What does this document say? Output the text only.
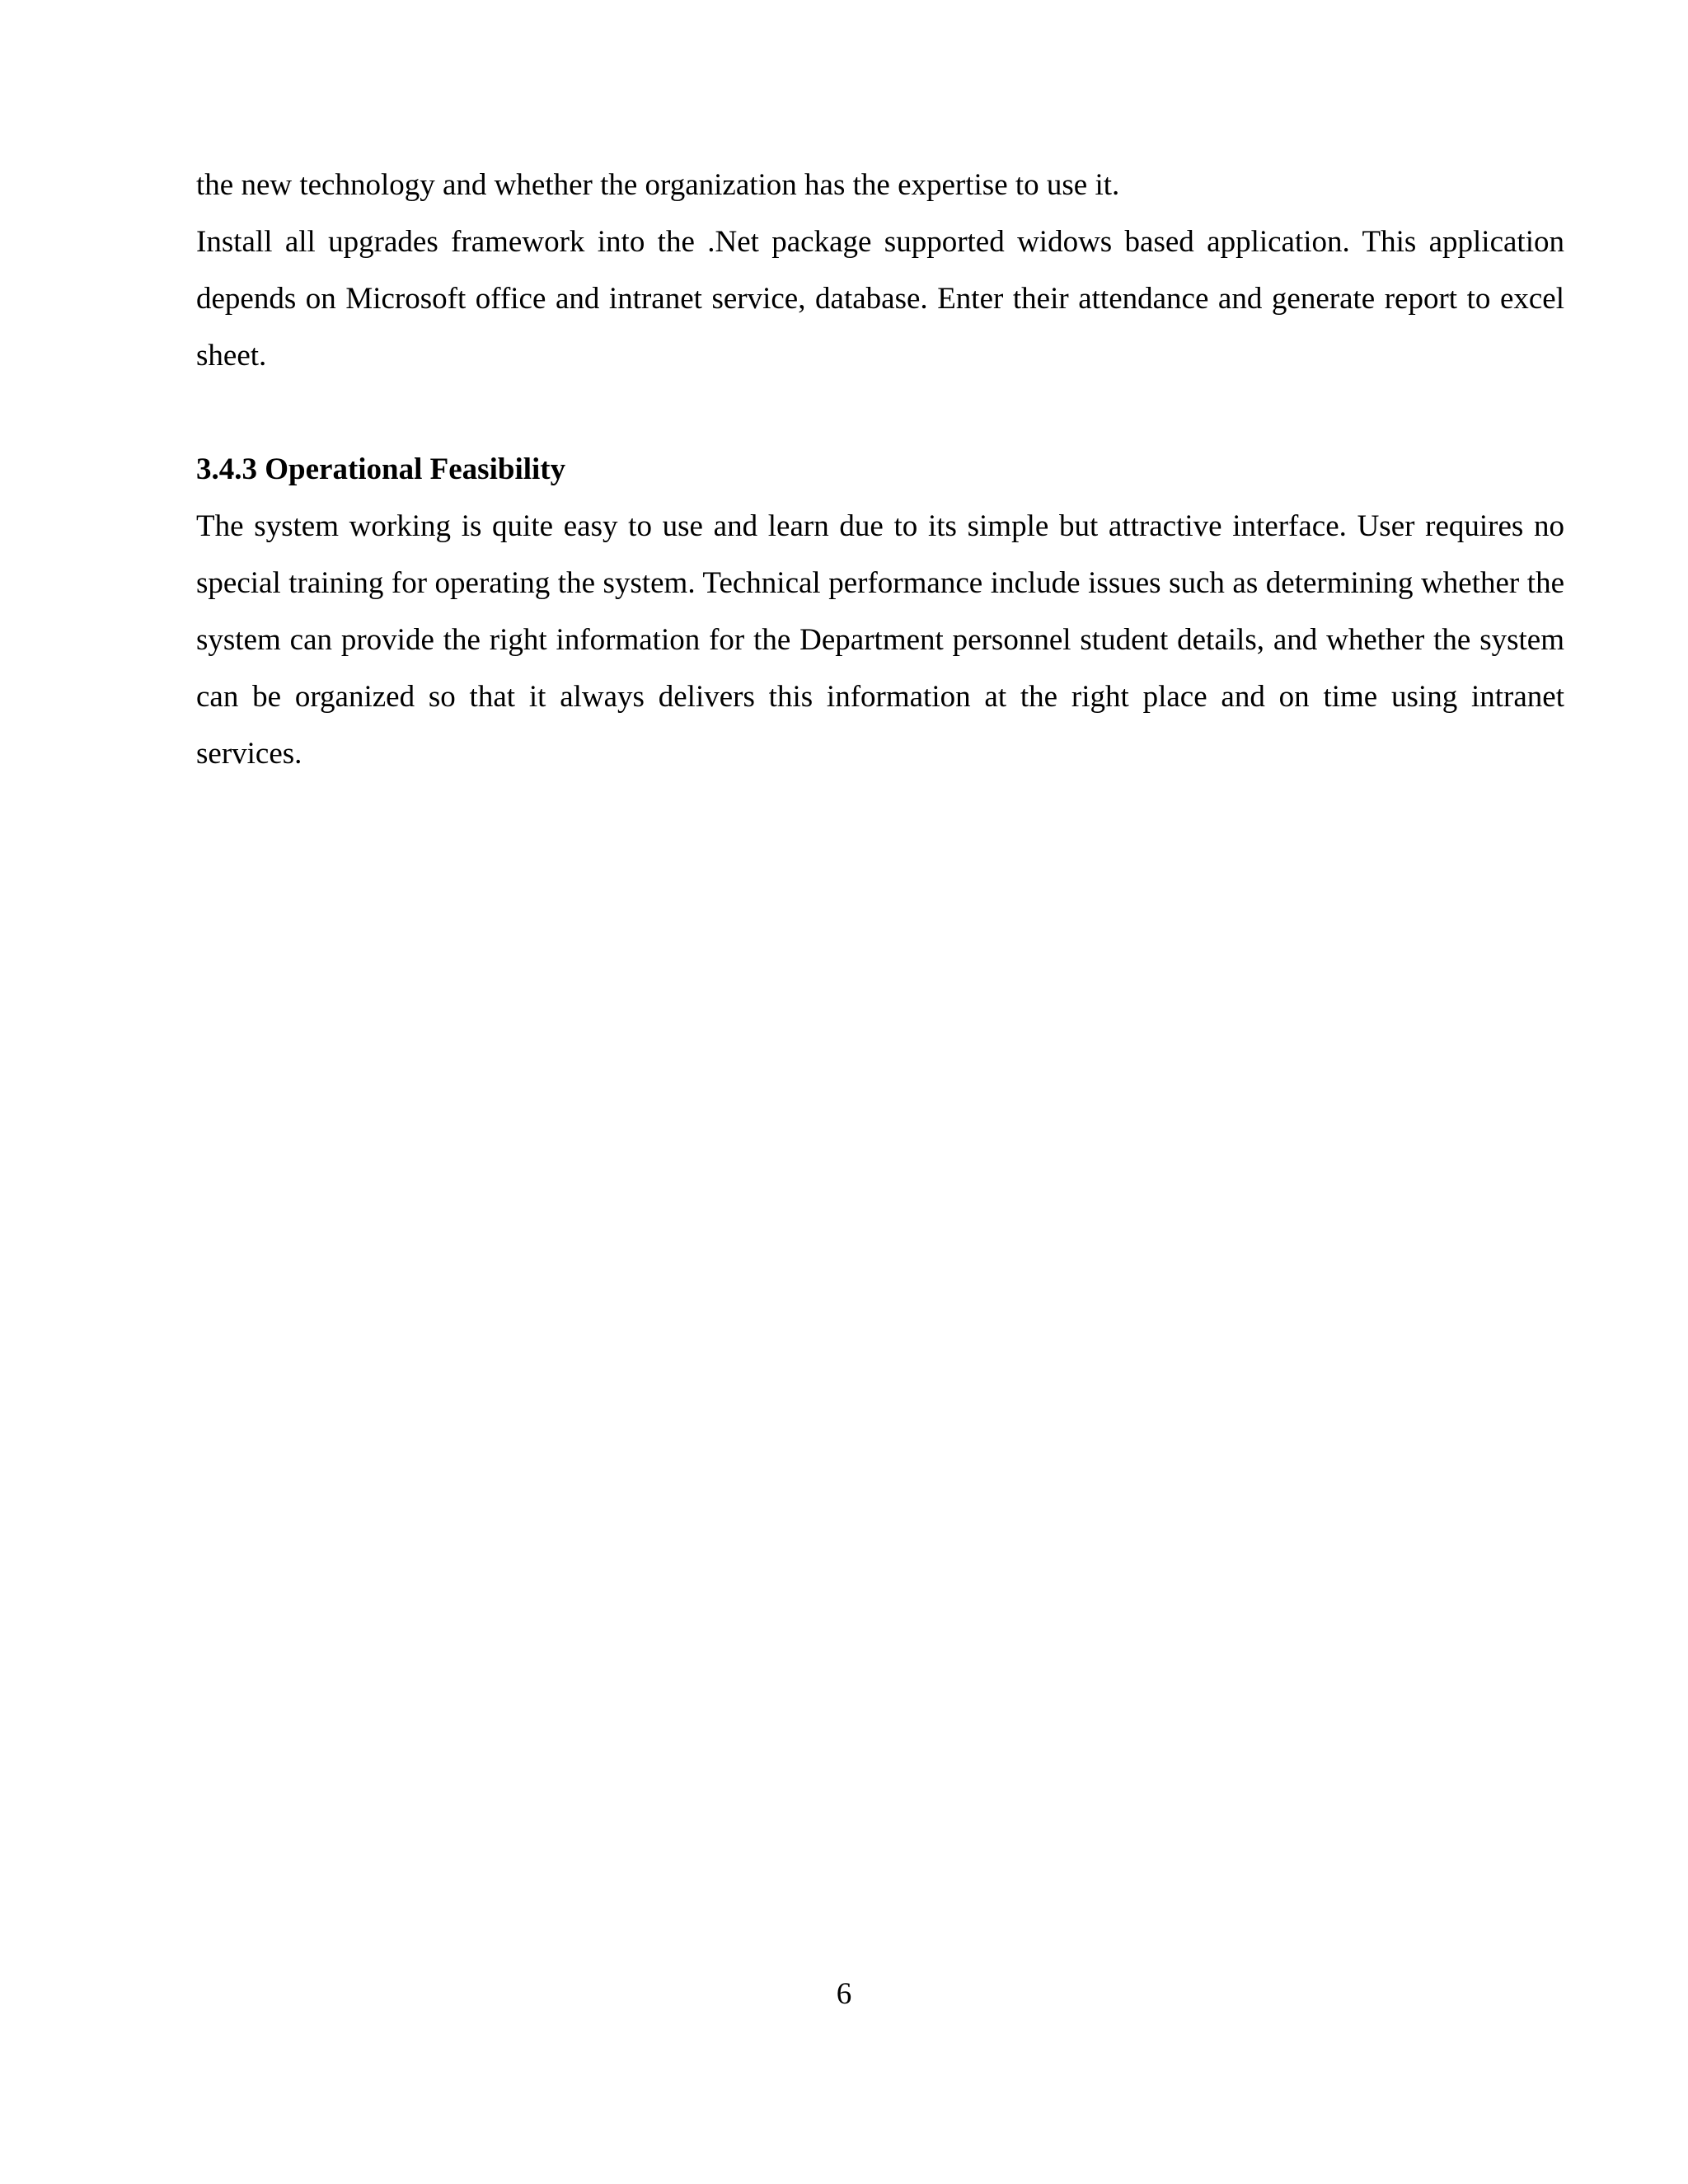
the new technology and whether the organization has the expertise to use it.

Install all upgrades framework into the .Net package supported widows based application. This application depends on Microsoft office and intranet service, database. Enter their attendance and generate report to excel sheet.

3.4.3 Operational Feasibility

The system working is quite easy to use and learn due to its simple but attractive interface. User requires no special training for operating the system. Technical performance include issues such as determining whether the system can provide the right information for the Department personnel student details, and whether the system can be organized so that it always delivers this information at the right place and on time using intranet services.

6
